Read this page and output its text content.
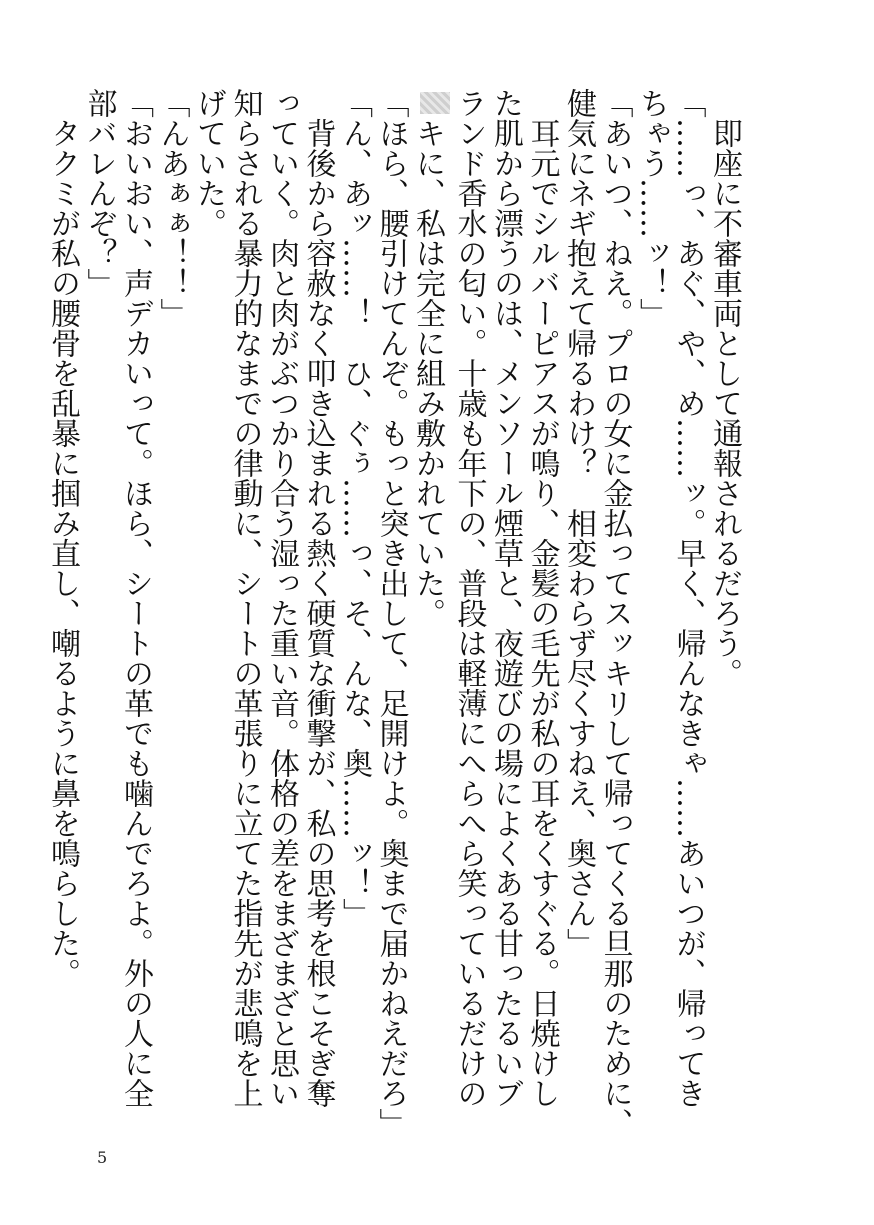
　即座に不審車両として通報されるだろう。
「……っ、あぐ、や、め……ッ。早く、帰んなきゃ……あいつが、帰ってき
ちゃう……ッ！」
「あいつ、ねえ。プロの女に金払ってスッキリして帰ってくる旦那のために、
健気にネギ抱えて帰るわけ？　相変わらず尽くすねえ、奥さん」
　耳元でシルバーピアスが鳴り、金髪の毛先が私の耳をくすぐる。日焼けし
た肌から漂うのは、メンソール煙草と、夜遊びの場によくある甘ったるいブ
ランド香水の匂い。十歳も年下の、普段は軽薄にへらへら笑っているだけの
キに、私は完全に組み敷かれていた。
「ほら、腰引けてんぞ。もっと突き出して、足開けよ。奥まで届かねえだろ」
「ん、あッ……！　ひ、ぐぅ……っ、そ、んな、奥……ッ！」
　背後から容赦なく叩き込まれる熱く硬質な衝撃が、私の思考を根こそぎ奪
っていく。肉と肉がぶつかり合う湿った重い音。体格の差をまざまざと思い
知らされる暴力的なまでの律動に、シートの革張りに立てた指先が悲鳴を上
げていた。
「んあぁぁ！！」
「おいおい、声デカいって。ほら、シートの革でも噛んでろよ。外の人に全
部バレんぞ？」
　タクミが私の腰骨を乱暴に掴み直し、嘲るように鼻を鳴らした。
5
